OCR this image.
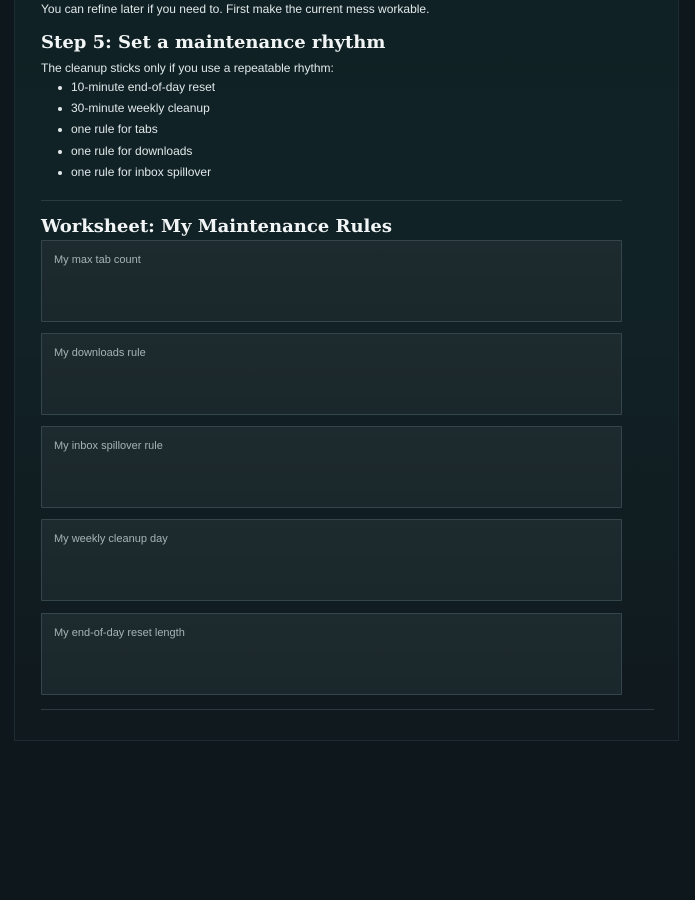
You can refine later if you need to. First make the current mess workable.

Step 5: Set a maintenance rhythm

The cleanup sticks only if you use a repeatable rhythm:

10-minute end-of-day reset
30-minute weekly cleanup
one rule for tabs
one rule for downloads
one rule for inbox spillover
Worksheet: My Maintenance Rules
My max tab count
My downloads rule
My inbox spillover rule
My weekly cleanup day
My end-of-day reset length
